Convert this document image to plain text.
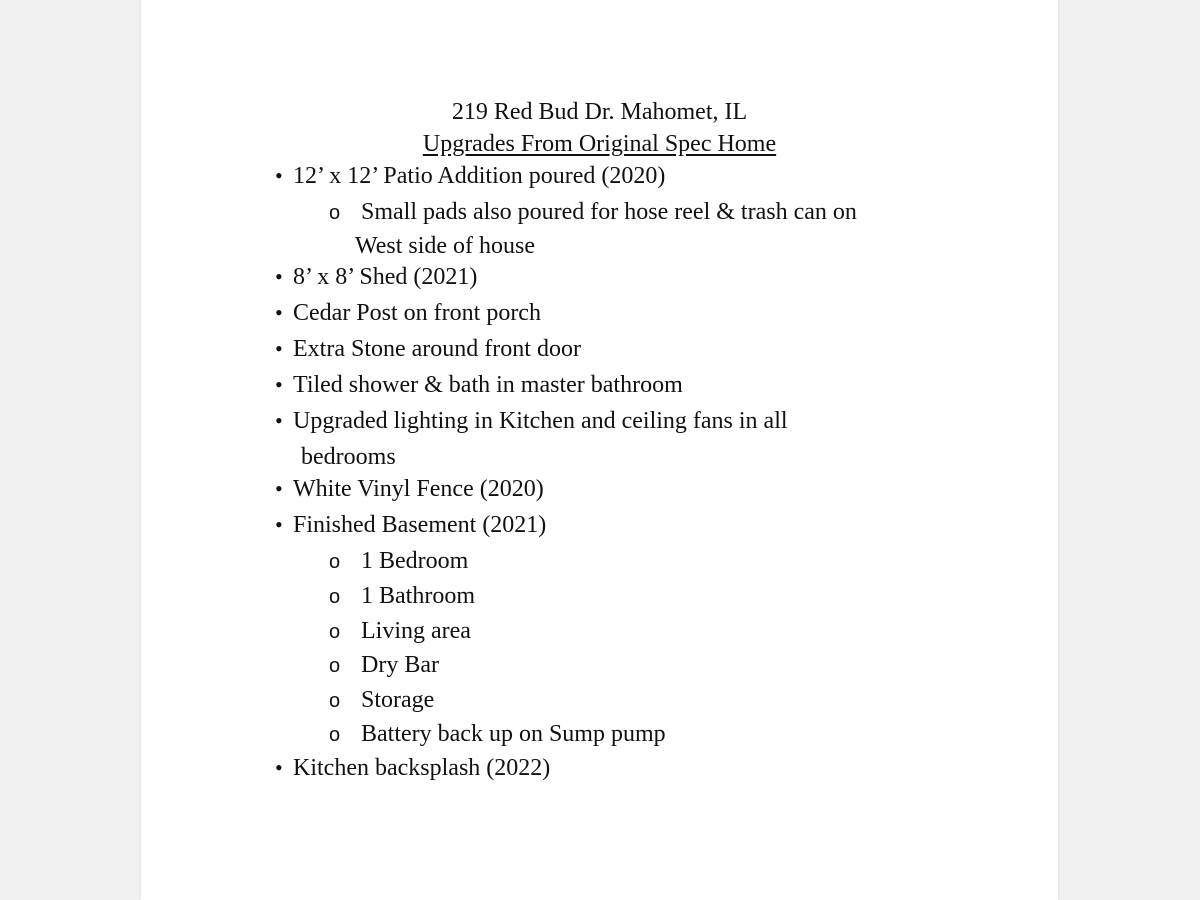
219 Red Bud Dr. Mahomet, IL
Upgrades From Original Spec Home
• 12’ x 12’ Patio Addition poured (2020)
o Small pads also poured for hose reel & trash can on
West side of house
• 8’ x 8’ Shed (2021)
• Cedar Post on front porch
• Extra Stone around front door
• Tiled shower & bath in master bathroom
• Upgraded lighting in Kitchen and ceiling fans in all
bedrooms
• White Vinyl Fence (2020)
• Finished Basement (2021)
o 1 Bedroom
o 1 Bathroom
o Living area
o Dry Bar
o Storage
o Battery back up on Sump pump
• Kitchen backsplash (2022)
